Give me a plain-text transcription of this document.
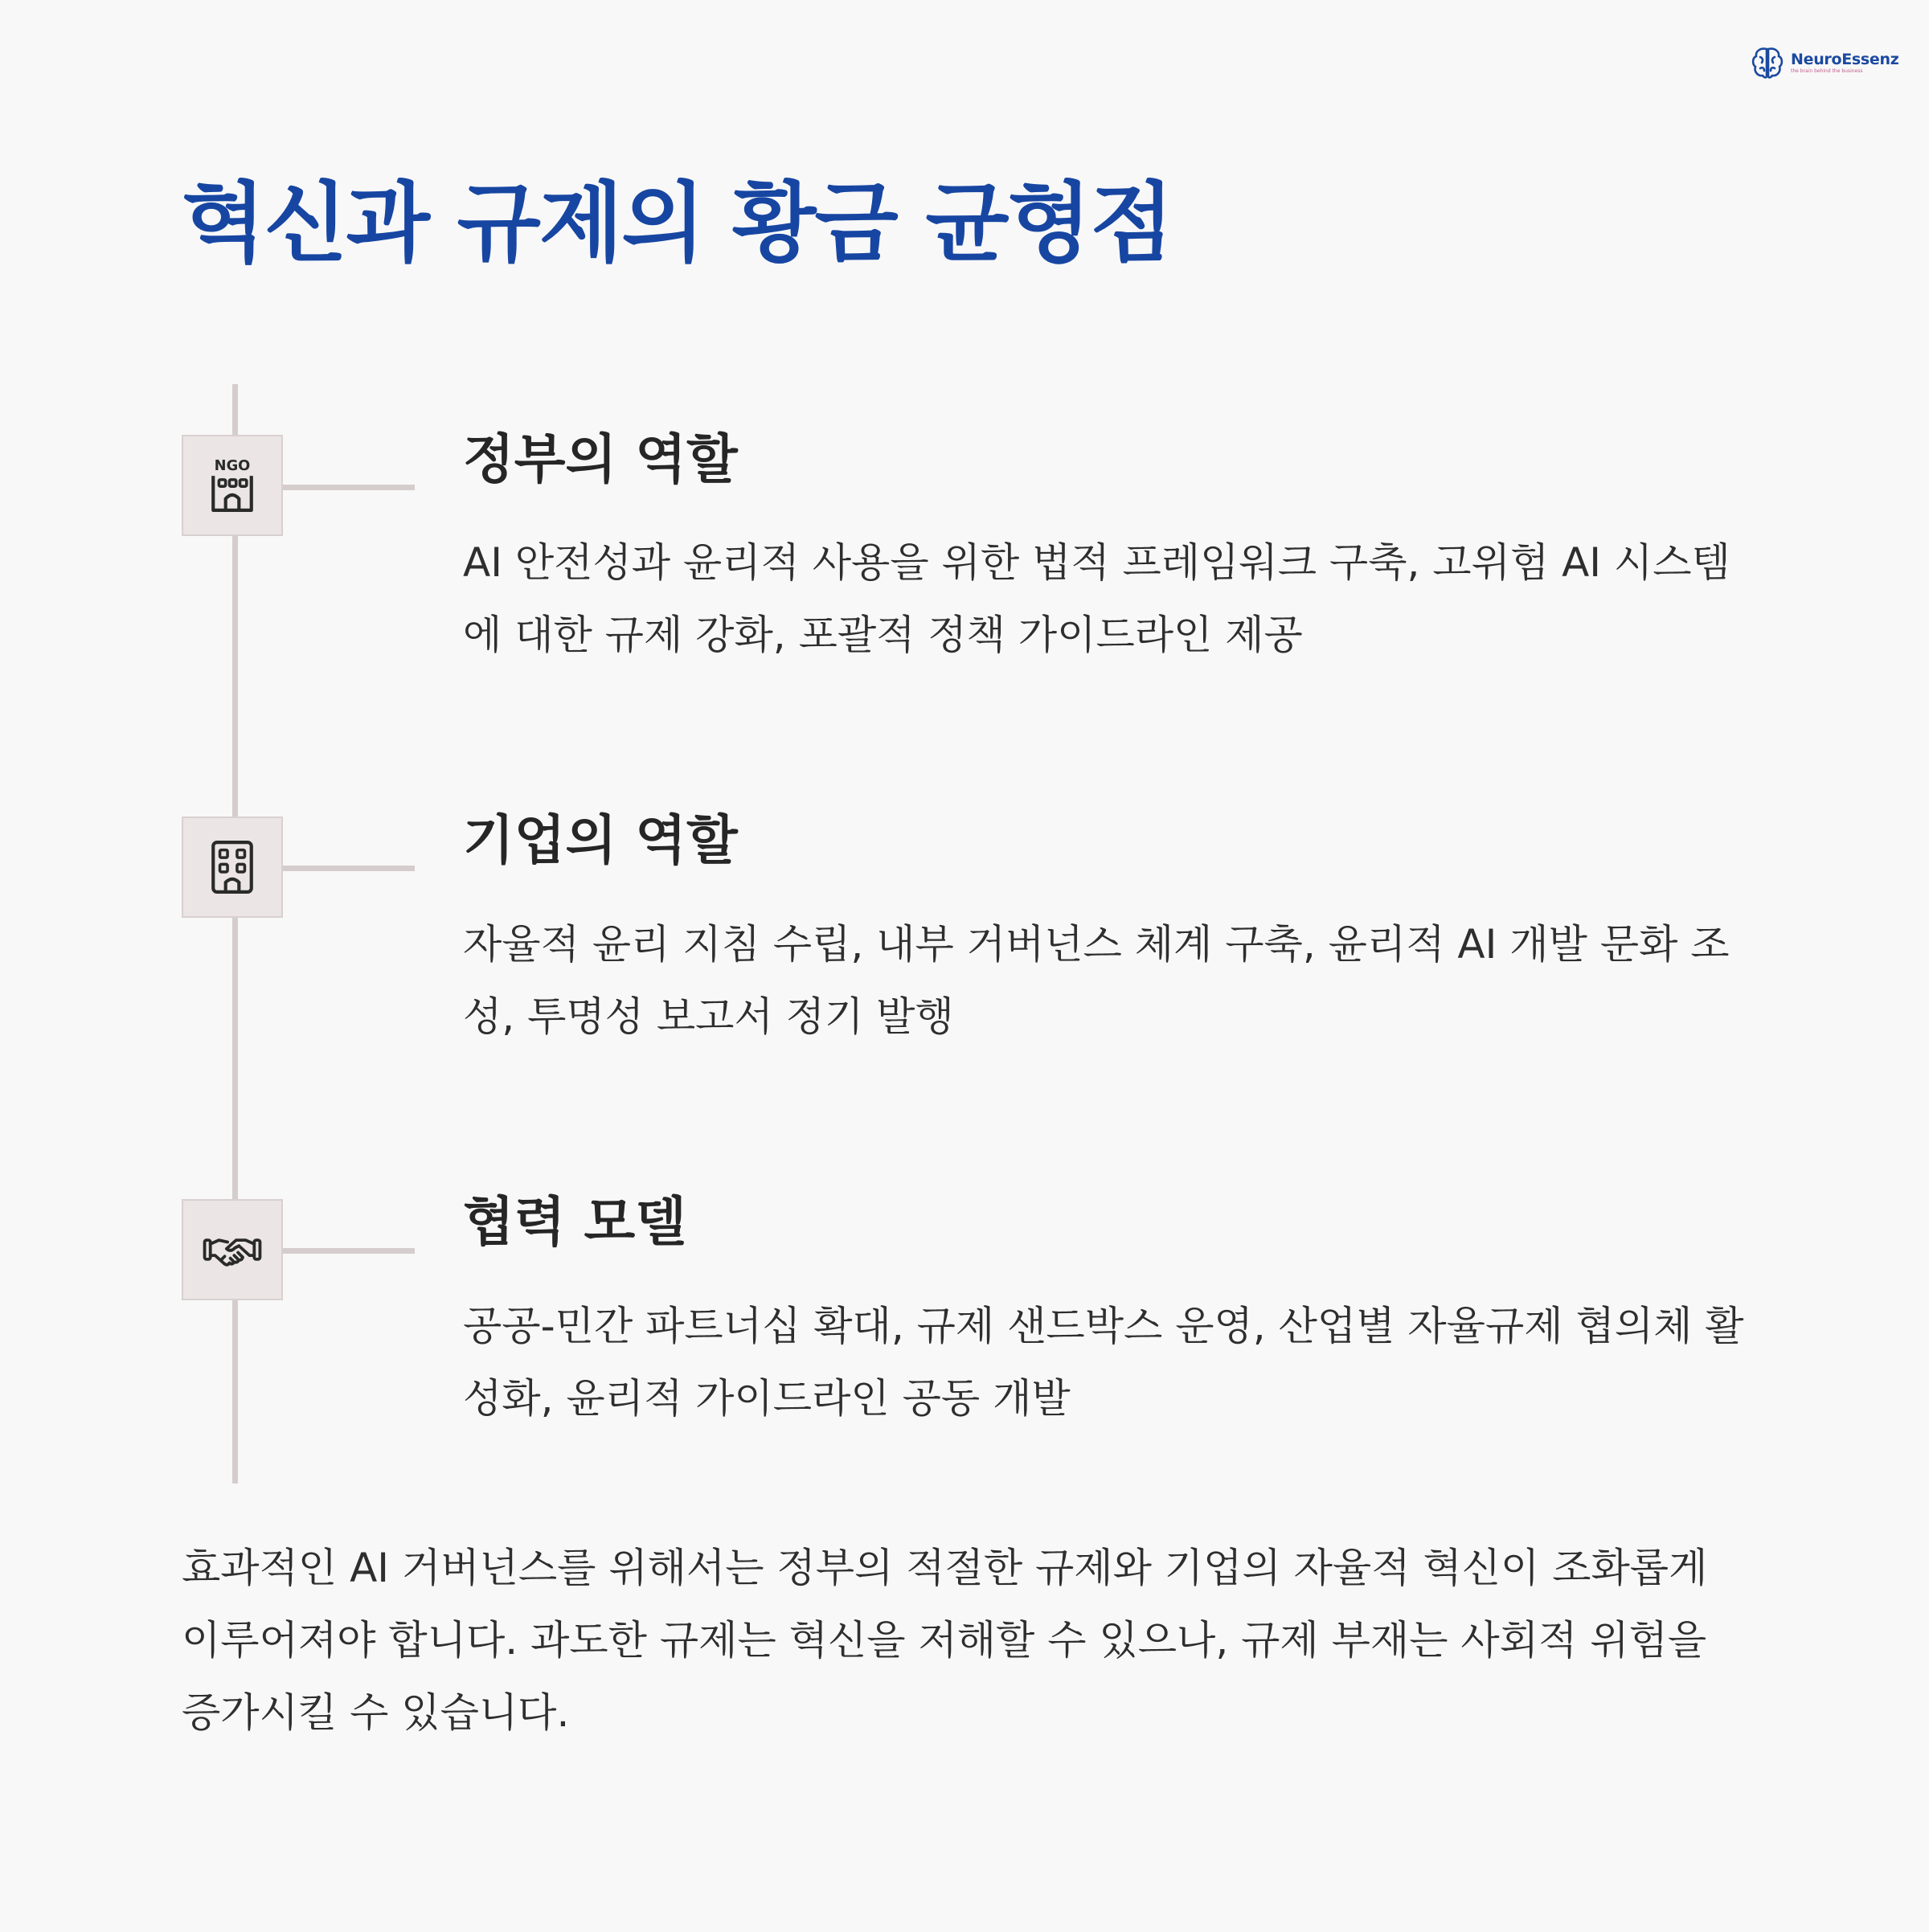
NeuroEssenz
the brain behind the business
혁신과 규제의 황금 균형점
NGO	정부의 역할

AI 안전성과 윤리적 사용을 위한 법적 프레임워크 구축, 고위험 AI 시스템에 대한 규제 강화, 포괄적 정책 가이드라인 제공

기업의 역할

자율적 윤리 지침 수립, 내부 거버넌스 체계 구축, 윤리적 AI 개발 문화 조성, 투명성 보고서 정기 발행

협력 모델

공공-민간 파트너십 확대, 규제 샌드박스 운영, 산업별 자율규제 협의체 활성화, 윤리적 가이드라인 공동 개발

효과적인 AI 거버넌스를 위해서는 정부의 적절한 규제와 기업의 자율적 혁신이 조화롭게 이루어져야 합니다. 과도한 규제는 혁신을 저해할 수 있으나, 규제 부재는 사회적 위험을 증가시킬 수 있습니다.
